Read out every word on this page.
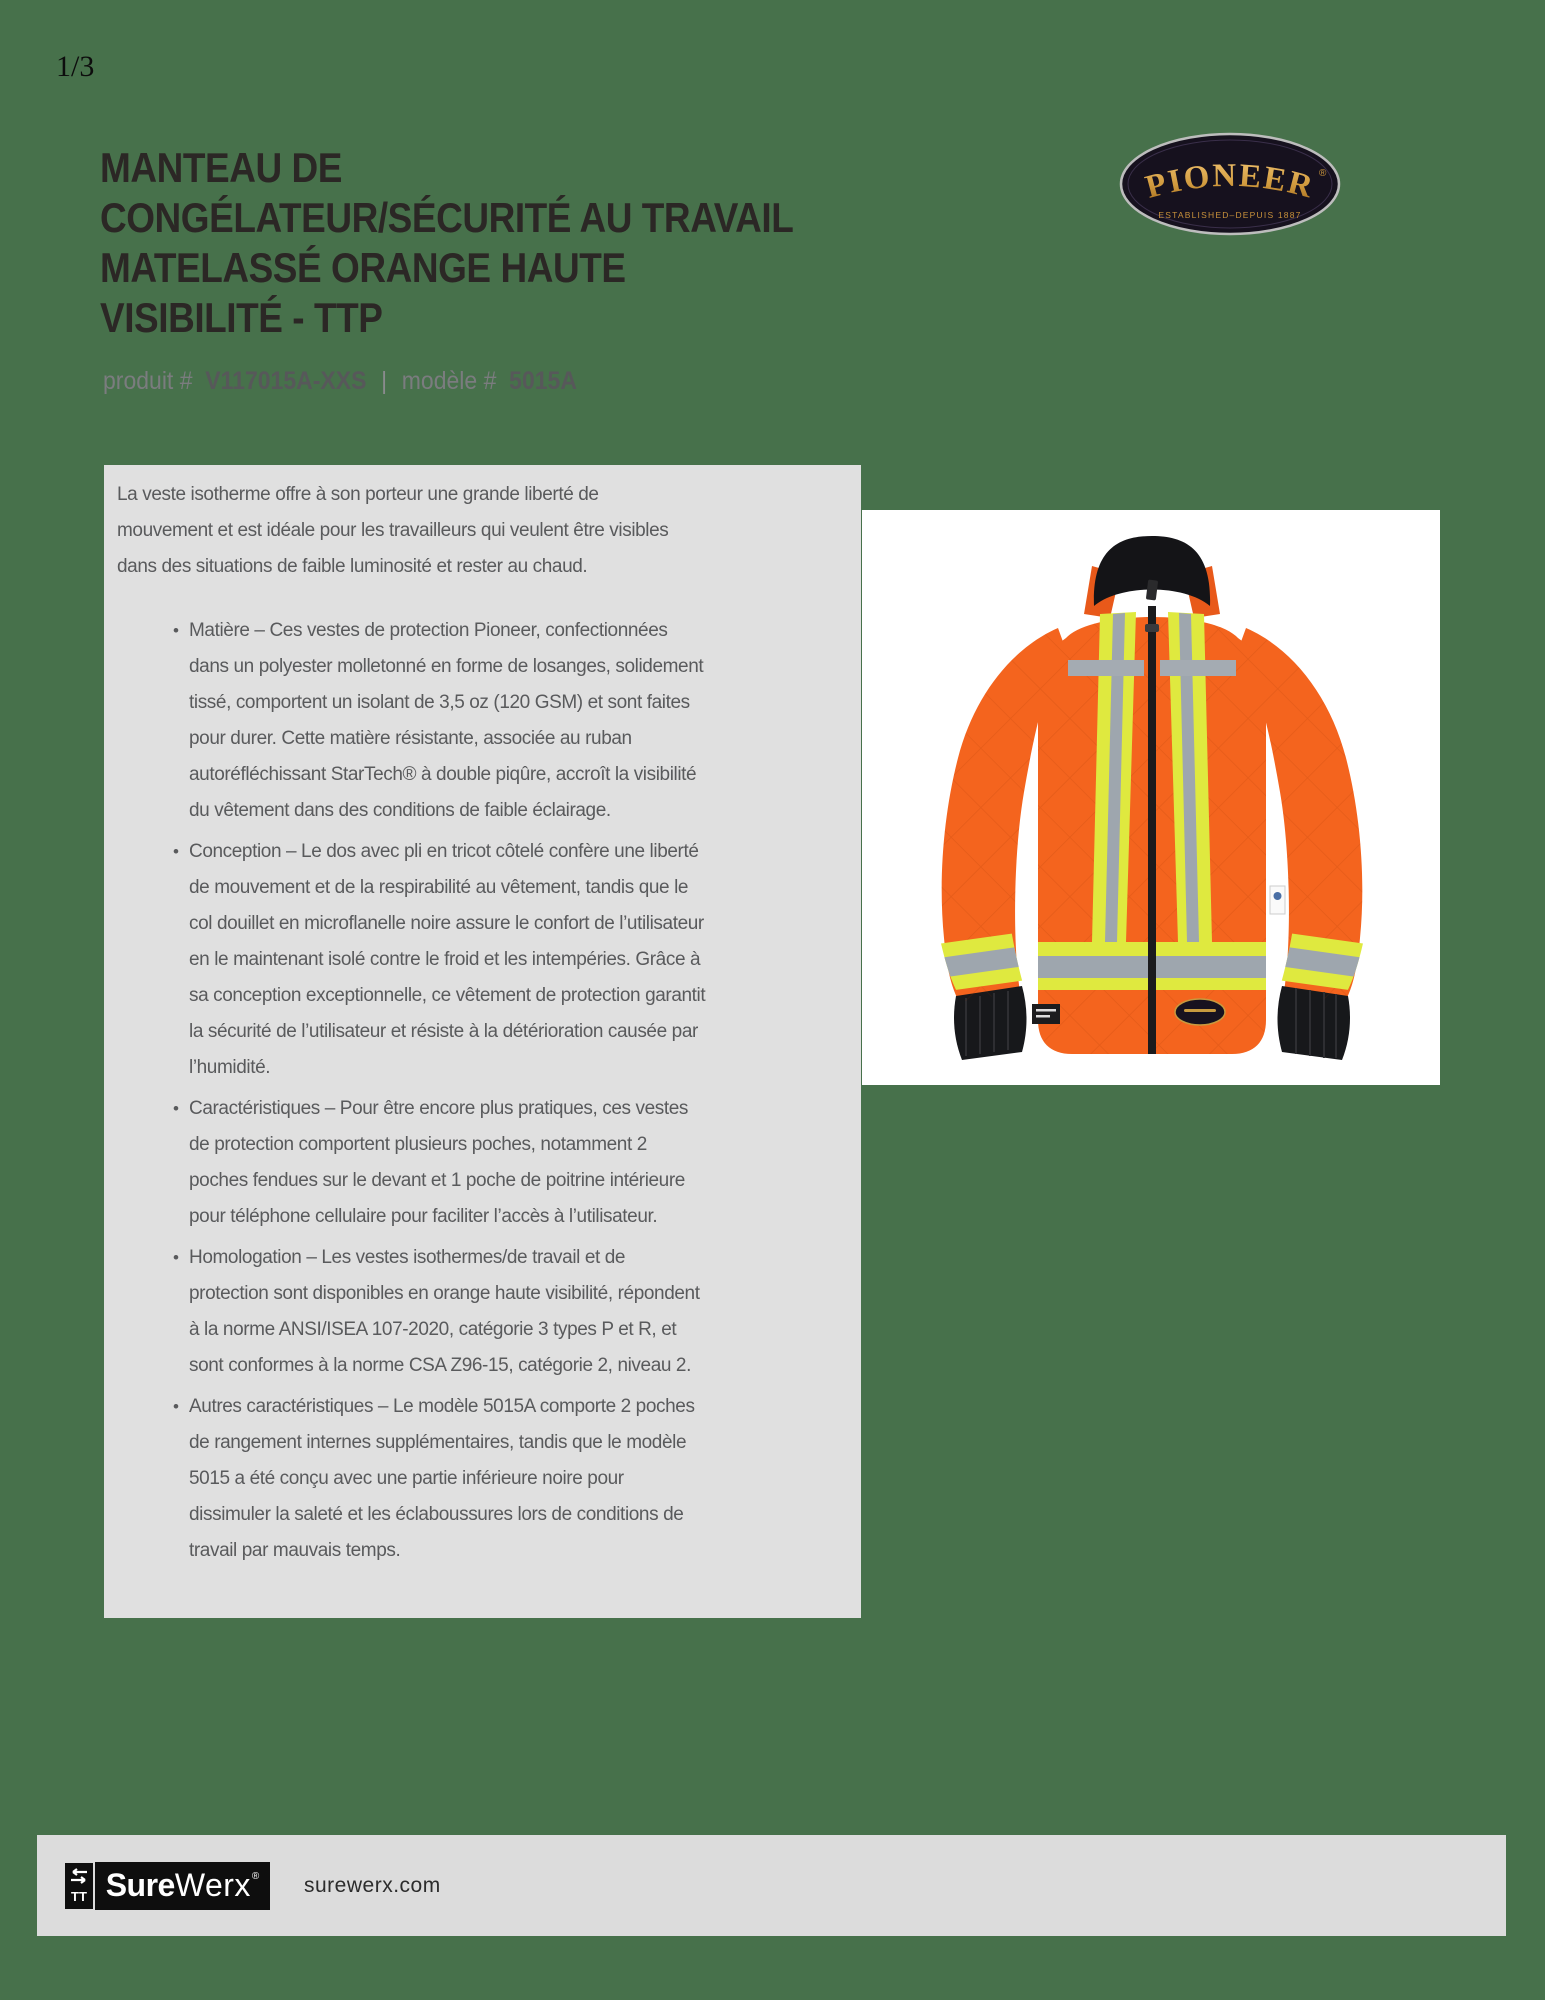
1/3
MANTEAU DE
CONGÉLATEUR/SÉCURITÉ AU TRAVAIL
MATELASSÉ ORANGE HAUTE
VISIBILITÉ - TTP
produit # V117015A-XXS | modèle # 5015A
PIONEER ®
ESTABLISHED–DEPUIS 1887

La veste isotherme offre à son porteur une grande liberté de mouvement et est idéale pour les travailleurs qui veulent être visibles dans des situations de faible luminosité et rester au chaud.

• Matière – Ces vestes de protection Pioneer, confectionnées dans un polyester molletonné en forme de losanges, solidement tissé, comportent un isolant de 3,5 oz (120 GSM) et sont faites pour durer. Cette matière résistante, associée au ruban autoréfléchissant StarTech® à double piqûre, accroît la visibilité du vêtement dans des conditions de faible éclairage.
• Conception – Le dos avec pli en tricot côtelé confère une liberté de mouvement et de la respirabilité au vêtement, tandis que le col douillet en microflanelle noire assure le confort de l’utilisateur en le maintenant isolé contre le froid et les intempéries. Grâce à sa conception exceptionnelle, ce vêtement de protection garantit la sécurité de l’utilisateur et résiste à la détérioration causée par l’humidité.
• Caractéristiques – Pour être encore plus pratiques, ces vestes de protection comportent plusieurs poches, notamment 2 poches fendues sur le devant et 1 poche de poitrine intérieure pour téléphone cellulaire pour faciliter l’accès à l’utilisateur.
• Homologation – Les vestes isothermes/de travail et de protection sont disponibles en orange haute visibilité, répondent à la norme ANSI/ISEA 107-2020, catégorie 3 types P et R, et sont conformes à la norme CSA Z96-15, catégorie 2, niveau 2.
• Autres caractéristiques – Le modèle 5015A comporte 2 poches de rangement internes supplémentaires, tandis que le modèle 5015 a été conçu avec une partie inférieure noire pour dissimuler la saleté et les éclaboussures lors de conditions de travail par mauvais temps.
TT Sure Werx ® surewerx.com
